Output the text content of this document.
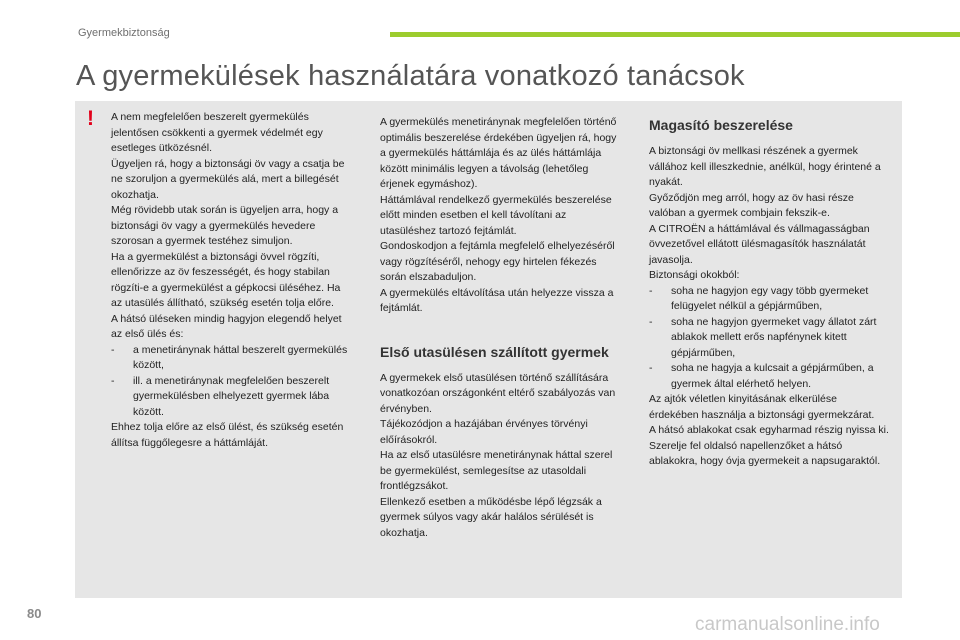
Gyermekbiztonság
A gyermekülések használatára vonatkozó tanácsok
! A nem megfelelően beszerelt gyermekülés jelentősen csökkenti a gyermek védelmét egy esetleges ütközésnél.

Ügyeljen rá, hogy a biztonsági öv vagy a csatja be ne szoruljon a gyermekülés alá, mert a billegését okozhatja.

Még rövidebb utak során is ügyeljen arra, hogy a biztonsági öv vagy a gyermekülés hevedere szorosan a gyermek testéhez simuljon.

Ha a gyermekülést a biztonsági övvel rögzíti, ellenőrizze az öv feszességét, és hogy stabilan rögzíti-e a gyermekülést a gépkocsi üléséhez. Ha az utasülés állítható, szükség esetén tolja előre.

A hátsó üléseken mindig hagyjon elegendő helyet az első ülés és:

-	a menetiránynak háttal beszerelt gyermekülés között,
-	ill. a menetiránynak megfelelően beszerelt gyermekülésben elhelyezett gyermek lába között.

Ehhez tolja előre az első ülést, és szükség esetén állítsa függőlegesre a háttámláját.

A gyermekülés menetiránynak megfelelően történő optimális beszerelése érdekében ügyeljen rá, hogy a gyermekülés háttámlája és az ülés háttámlája között minimális legyen a távolság (lehetőleg érjenek egymáshoz).

Háttámlával rendelkező gyermekülés beszerelése előtt minden esetben el kell távolítani az utasüléshez tartozó fejtámlát.

Gondoskodjon a fejtámla megfelelő elhelyezéséről vagy rögzítéséről, nehogy egy hirtelen fékezés során elszabaduljon.

A gyermekülés eltávolítása után helyezze vissza a fejtámlát.

Első utasülésen szállított gyermek

A gyermekek első utasülésen történő szállítására vonatkozóan országonként eltérő szabályozás van érvényben.

Tájékozódjon a hazájában érvényes törvényi előírásokról.

Ha az első utasülésre menetiránynak háttal szerel be gyermekülést, semlegesítse az utasoldali frontlégzsákot.

Ellenkező esetben a működésbe lépő légzsák a gyermek súlyos vagy akár halálos sérülését is okozhatja.

Magasító beszerelése

A biztonsági öv mellkasi részének a gyermek vállához kell illeszkednie, anélkül, hogy érintené a nyakát.

Győződjön meg arról, hogy az öv hasi része valóban a gyermek combjain fekszik-e.

A CITROËN a háttámlával és vállmagasságban övvezetővel ellátott ülésmagasítók használatát javasolja.

Biztonsági okokból:

-	soha ne hagyjon egy vagy több gyermeket felügyelet nélkül a gépjárműben,
-	soha ne hagyjon gyermeket vagy állatot zárt ablakok mellett erős napfénynek kitett gépjárműben,
-	soha ne hagyja a kulcsait a gépjárműben, a gyermek által elérhető helyen.

Az ajtók véletlen kinyitásának elkerülése érdekében használja a biztonsági gyermekzárat.

A hátsó ablakokat csak egyharmad részig nyissa ki.

Szerelje fel oldalsó napellenzőket a hátsó ablakokra, hogy óvja gyermekeit a napsugaraktól.

80
carmanualsonline.info
